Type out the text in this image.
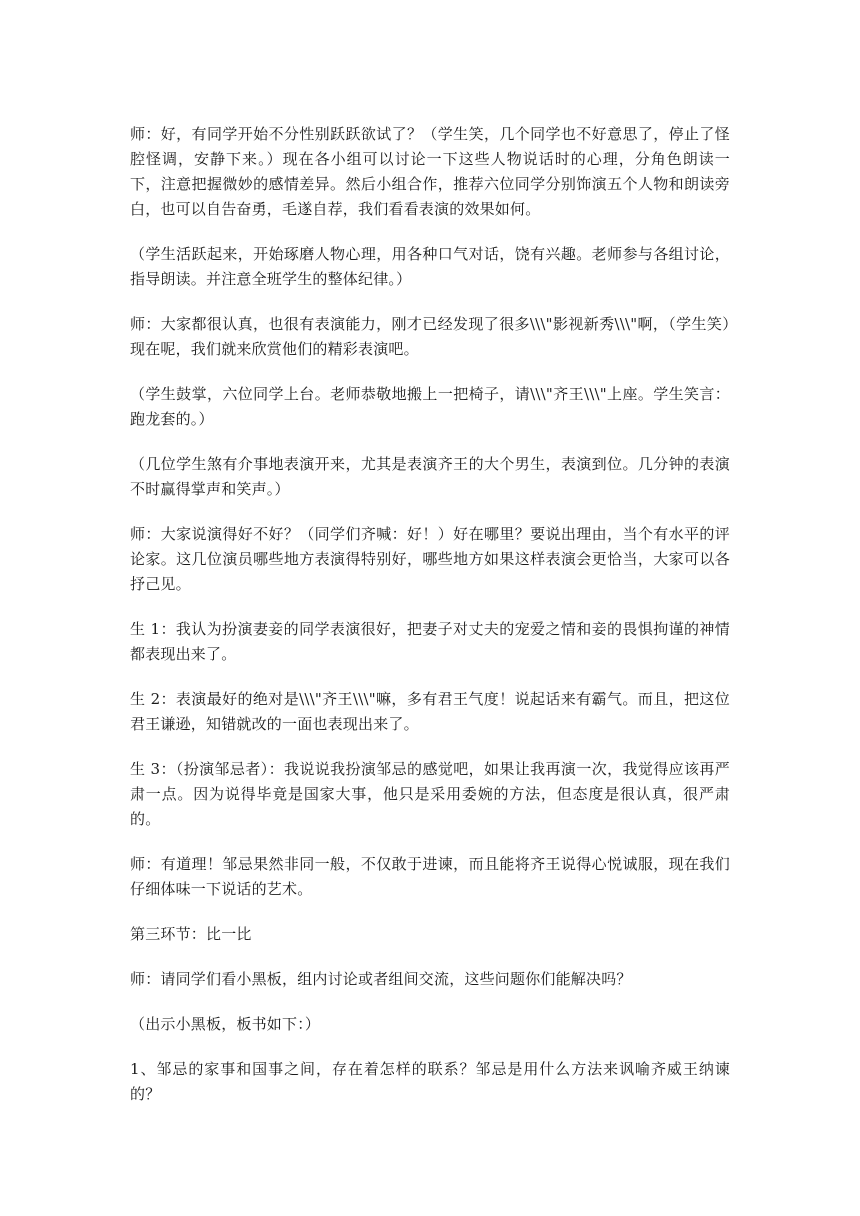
师：好，有同学开始不分性别跃跃欲试了？（学生笑，几个同学也不好意思了，停止了怪腔怪调，安静下来。）现在各小组可以讨论一下这些人物说话时的心理，分角色朗读一下，注意把握微妙的感情差异。然后小组合作，推荐六位同学分别饰演五个人物和朗读旁白，也可以自告奋勇，毛遂自荐，我们看看表演的效果如何。

（学生活跃起来，开始琢磨人物心理，用各种口气对话，饶有兴趣。老师参与各组讨论，指导朗读。并注意全班学生的整体纪律。）

师：大家都很认真，也很有表演能力，刚才已经发现了很多\\\"影视新秀\\\"啊，（学生笑）现在呢，我们就来欣赏他们的精彩表演吧。

（学生鼓掌，六位同学上台。老师恭敬地搬上一把椅子，请\\\"齐王\\\"上座。学生笑言：跑龙套的。）

（几位学生煞有介事地表演开来，尤其是表演齐王的大个男生，表演到位。几分钟的表演不时赢得掌声和笑声。）

师：大家说演得好不好？（同学们齐喊：好！）好在哪里？要说出理由，当个有水平的评论家。这几位演员哪些地方表演得特别好，哪些地方如果这样表演会更恰当，大家可以各抒己见。

生 1：我认为扮演妻妾的同学表演很好，把妻子对丈夫的宠爱之情和妾的畏惧拘谨的神情都表现出来了。

生 2：表演最好的绝对是\\\"齐王\\\"嘛，多有君王气度！说起话来有霸气。而且，把这位君王谦逊，知错就改的一面也表现出来了。

生 3：（扮演邹忌者）：我说说我扮演邹忌的感觉吧，如果让我再演一次，我觉得应该再严肃一点。因为说得毕竟是国家大事，他只是采用委婉的方法，但态度是很认真，很严肃的。

师：有道理！邹忌果然非同一般，不仅敢于进谏，而且能将齐王说得心悦诚服，现在我们仔细体味一下说话的艺术。

第三环节：比一比

师：请同学们看小黑板，组内讨论或者组间交流，这些问题你们能解决吗？

（出示小黑板，板书如下：）

1、邹忌的家事和国事之间，存在着怎样的联系？邹忌是用什么方法来讽喻齐威王纳谏的？
